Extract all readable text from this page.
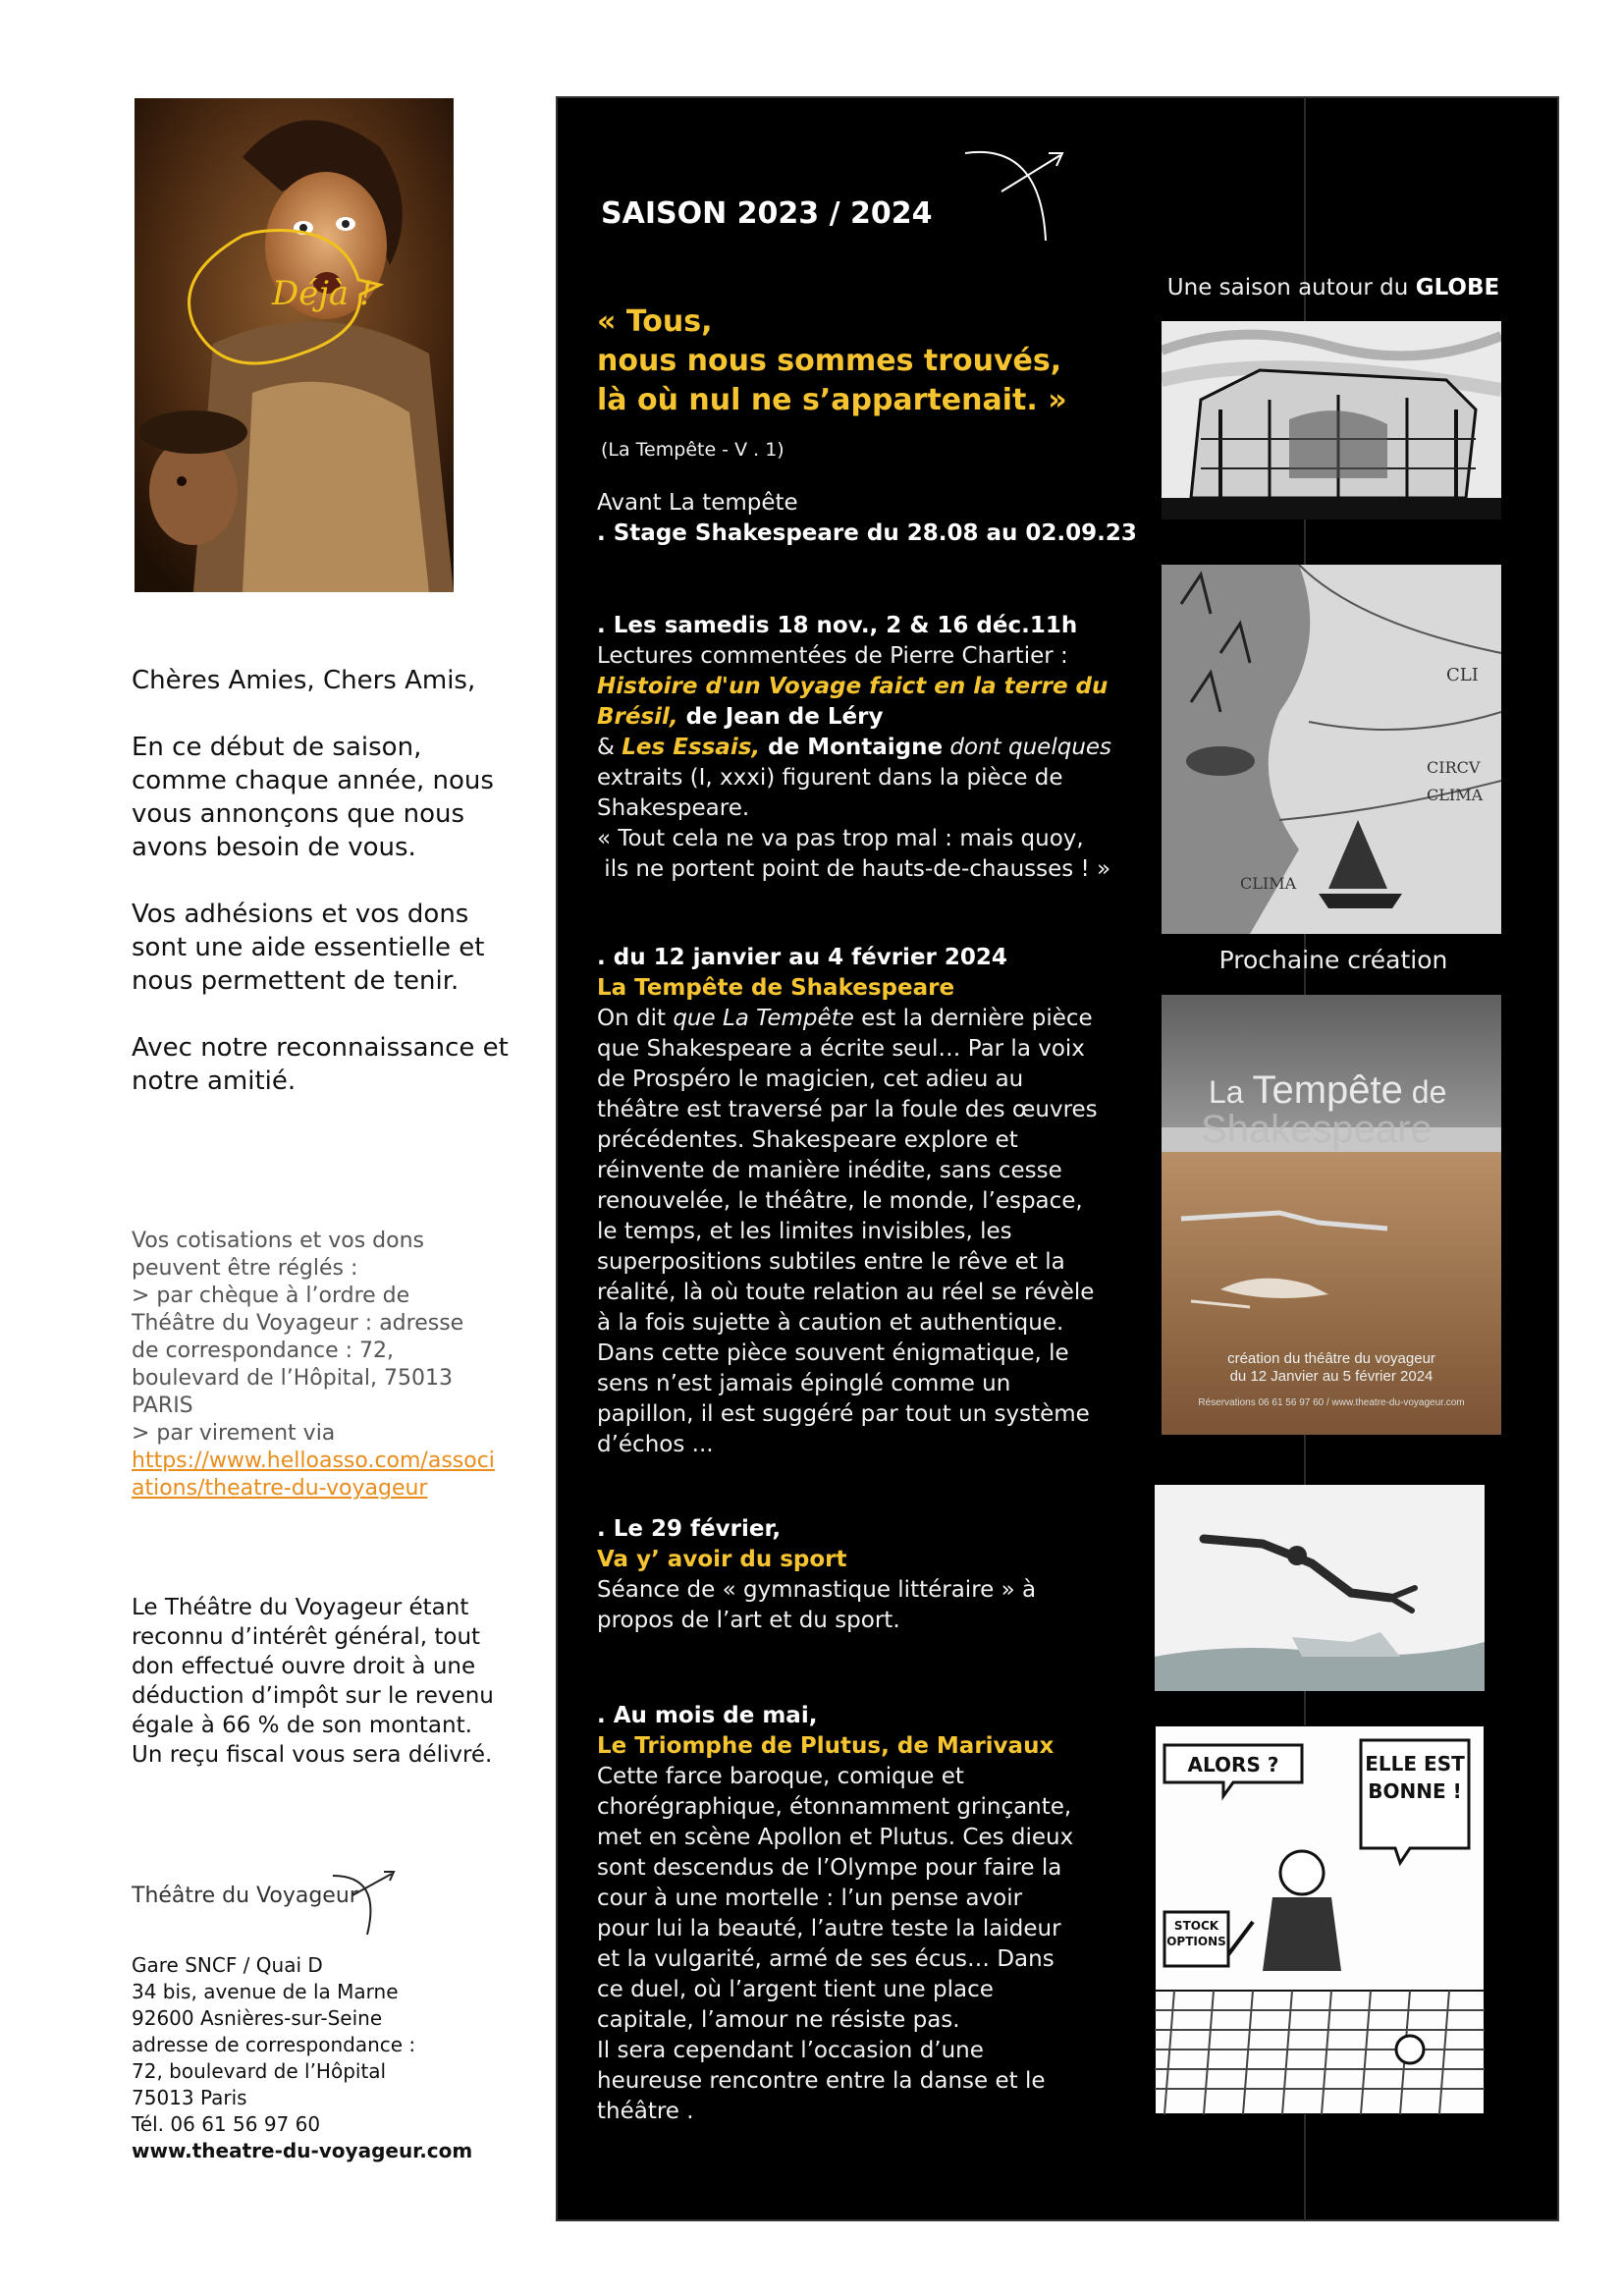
Déjà !
Chères Amies, Chers Amis,
En ce début de saison, comme chaque année, nous vous annonçons que nous avons besoin de vous.
Vos adhésions et vos dons sont une aide essentielle et nous permettent de tenir.
Avec notre reconnaissance et notre amitié.
Vos cotisations et vos dons peuvent être réglés :
> par chèque à l’ordre de Théâtre du Voyageur : adresse de correspondance : 72, boulevard de l’Hôpital, 75013 PARIS
> par virement via
https://www.helloasso.com/associations/theatre-du-voyageur
Le Théâtre du Voyageur étant reconnu d’intérêt général, tout don effectué ouvre droit à une déduction d’impôt sur le revenu égale à 66 % de son montant. Un reçu fiscal vous sera délivré.
Théâtre du Voyageur
Gare SNCF / Quai D
34 bis, avenue de la Marne
92600 Asnières-sur-Seine
adresse de correspondance :
72, boulevard de l’Hôpital
75013 Paris
Tél. 06 61 56 97 60
www.theatre-du-voyageur.com
SAISON 2023 / 2024
« Tous,
nous nous sommes trouvés,
là où nul ne s’appartenait. »
(La Tempête - V . 1)
Avant La tempête
. Stage Shakespeare du 28.08 au 02.09.23
. Les samedis 18 nov., 2 & 16 déc.11h
Lectures commentées de Pierre Chartier :
Histoire d'un Voyage faict en la terre du Brésil, de Jean de Léry
& Les Essais, de Montaigne dont quelques
extraits (I, xxxi) figurent dans la pièce de Shakespeare.
« Tout cela ne va pas trop mal : mais quoy,
ils ne portent point de hauts-de-chausses ! »
. du 12 janvier au 4 février 2024
La Tempête de Shakespeare
On dit que La Tempête est la dernière pièce que Shakespeare a écrite seul… Par la voix de Prospéro le magicien, cet adieu au théâtre est traversé par la foule des œuvres précédentes. Shakespeare explore et réinvente de manière inédite, sans cesse renouvelée, le théâtre, le monde, l’espace, le temps, et les limites invisibles, les superpositions subtiles entre le rêve et la réalité, là où toute relation au réel se révèle à la fois sujette à caution et authentique. Dans cette pièce souvent énigmatique, le sens n’est jamais épinglé comme un papillon, il est suggéré par tout un système d’échos ...
. Le 29 février,
Va y’ avoir du sport
Séance de « gymnastique littéraire » à propos de l’art et du sport.
. Au mois de mai,
Le Triomphe de Plutus, de Marivaux
Cette farce baroque, comique et chorégraphique, étonnamment grinçante, met en scène Apollon et Plutus. Ces dieux sont descendus de l’Olympe pour faire la cour à une mortelle : l’un pense avoir pour lui la beauté, l’autre teste la laideur et la vulgarité, armé de ses écus… Dans ce duel, où l’argent tient une place capitale, l’amour ne résiste pas.
Il sera cependant l’occasion d’une heureuse rencontre entre la danse et le théâtre .
Une saison autour du GLOBE
CLI
CIRCV
CLIMA
CLIMA
Prochaine création
La Tempête de
Shakespeare
création du théâtre du voyageur
du 12 Janvier au 5 février 2024
Réservations 06 61 56 97 60 / www.theatre-du-voyageur.com
ALORS ?	ELLE EST BONNE !
STOCK OPTIONS
